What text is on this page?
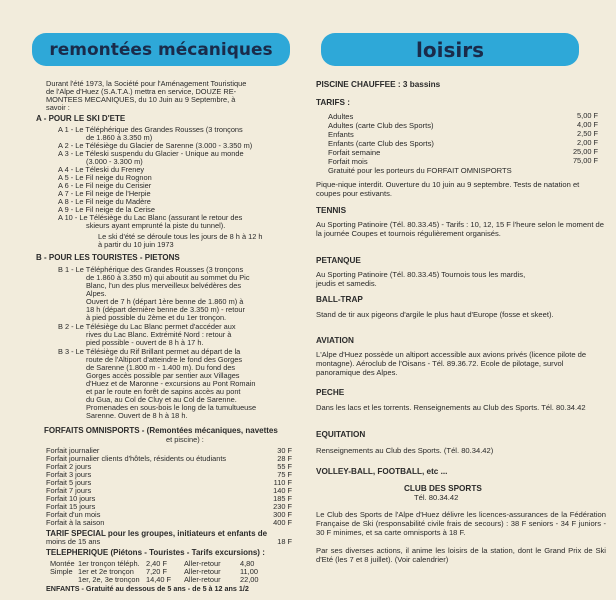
remontées mécaniques
Durant l'été 1973, la Société pour l'Aménagement Touristique
de l'Alpe d'Huez (S.A.T.A.) mettra en service, DOUZE RE-
MONTEES MECANIQUES, du 10 Juin au 9 Septembre, à
savoir :
A - POUR LE SKI D'ETE
A 1 - Le Téléphérique des Grandes Rousses (3 tronçons
de 1.860 à 3.350 m)
A 2 - Le Télésiège du Glacier de Sarenne (3.000 - 3.350 m)
A 3 - Le Téleski suspendu du Glacier - Unique au monde
(3.000 - 3.300 m)
A 4 - Le Téleski du Freney
A 5 - Le Fil neige du Rognon
A 6 - Le Fil neige du Cerisier
A 7 - Le Fil neige de l'Herpie
A 8 - Le Fil neige du Madère
A 9 - Le Fil neige de la Cerise
A 10 - Le Télésiège du Lac Blanc (assurant le retour des
skieurs ayant emprunté la piste du tunnel).
Le ski d'été se déroule tous les jours de 8 h à 12 h
à partir du 10 juin 1973
B - POUR LES TOURISTES - PIETONS
B 1 - Le Téléphérique des Grandes Rousses (3 tronçons
de 1.860 à 3.350 m) qui aboutit au sommet du Pic
Blanc, l'un des plus merveilleux belvédères des
Alpes.
Ouvert de 7 h (départ 1ère benne de 1.860 m) à
18 h (départ dernière benne de 3.350 m) - retour
à pied possible du 2ème et du 1er tronçon.
B 2 - Le Télésiège du Lac Blanc permet d'accéder aux
rives du Lac Blanc. Extrémité Nord : retour à
pied possible - ouvert de 8 h à 17 h.
B 3 - Le Télésiège du Rif Brillant permet au départ de la
route de l'Altiport d'atteindre le fond des Gorges
de Sarenne (1.800 m - 1.400 m). Du fond des
Gorges accès possible par sentier aux Villages
d'Huez et de Maronne - excursions au Pont Romain
et par le route en forêt de sapins accès au pont
du Gua, au Col de Cluy et au Col de Sarenne.
Promenades en sous-bois le long de la tumultueuse
Sarenne. Ouvert de 8 h à 18 h.
FORFAITS OMNISPORTS - (Remontées mécaniques, navettes
et piscine) :
Forfait journalier	30 F
Forfait journalier clients d'hôtels, résidents ou étudiants	28 F
Forfait 2 jours	55 F
Forfait 3 jours	75 F
Forfait 5 jours	110 F
Forfait 7 jours	140 F
Forfait 10 jours	185 F
Forfait 15 jours	230 F
Forfait d'un mois	300 F
Forfait à la saison	400 F
TARIF SPECIAL pour les groupes, initiateurs et enfants de
moins de 15 ans	18 F
TELEPHERIQUE (Piétons - Touristes - Tarifs excursions) :
Montée 1er tronçon téléph. 2,40 F Aller-retour	4,80
Simple 1er et 2e tronçon 7,20 F Aller-retour	11,00
1er, 2e, 3e tronçon 14,40 F Aller-retour	22,00
ENFANTS - Gratuité au dessous de 5 ans - de 5 à 12 ans 1/2
loisirs
PISCINE CHAUFFEE : 3 bassins
TARIFS :
Adultes	5,00 F
Adultes (carte Club des Sports)	4,00 F
Enfants	2,50 F
Enfants (carte Club des Sports)	2,00 F
Forfait semaine	25,00 F
Forfait mois	75,00 F
Gratuité pour les porteurs du FORFAIT OMNISPORTS
Pique-nique interdit. Ouverture du 10 juin au 9 septembre. Tests de natation et coupes pour estivants.
TENNIS
Au Sporting Patinoire (Tél. 80.33.45) - Tarifs : 10, 12, 15 F l'heure selon le moment de la journée Coupes et tournois régulièrement organisés.
PETANQUE
Au Sporting Patinoire (Tél. 80.33.45) Tournois tous les mardis, jeudis et samedis.
BALL-TRAP
Stand de tir aux pigeons d'argile le plus haut d'Europe (fosse et skeet).
AVIATION
L'Alpe d'Huez possède un altiport accessible aux avions privés (licence pilote de montagne). Aéroclub de l'Oisans - Tél. 89.36.72. Ecole de pilotage, survol panoramique des Alpes.
PECHE
Dans les lacs et les torrents. Renseignements au Club des Sports. Tél. 80.34.42
EQUITATION
Renseignements au Club des Sports. (Tél. 80.34.42)
VOLLEY-BALL, FOOTBALL, etc ...
CLUB DES SPORTS
Tél. 80.34.42
Le Club des Sports de l'Alpe d'Huez délivre les licences-assurances de la Fédération Française de Ski (responsabilité civile frais de secours) : 38 F seniors - 34 F juniors - 30 F minimes, et sa carte omnisports à 18 F.
Par ses diverses actions, il anime les loisirs de la station, dont le Grand Prix de Ski d'Eté (les 7 et 8 juillet). (Voir calendrier)
